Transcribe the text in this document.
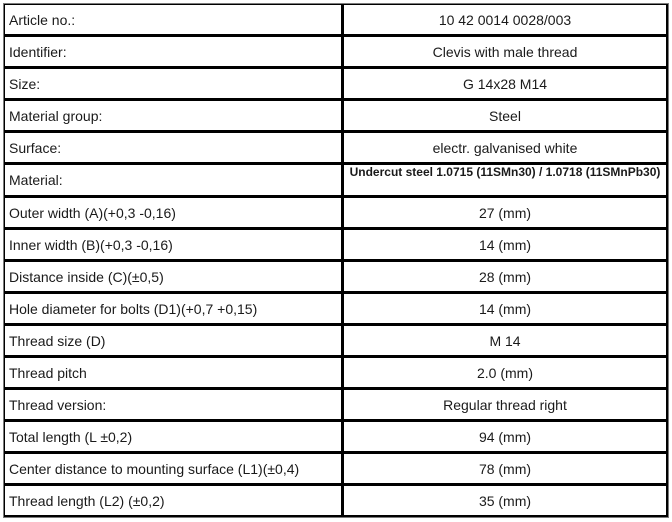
Article no.:	10 42 0014 0028/003
Identifier:	Clevis with male thread
Size:	G 14x28 M14
Material group:	Steel
Surface:	electr. galvanised white
Material:	Undercut steel 1.0715 (11SMn30) / 1.0718 (11SMnPb30)
Outer width (A)(+0,3 -0,16)	27 (mm)
Inner width (B)(+0,3 -0,16)	14 (mm)
Distance inside (C)(±0,5)	28 (mm)
Hole diameter for bolts (D1)(+0,7 +0,15)	14 (mm)
Thread size (D)	M 14
Thread pitch	2.0 (mm)
Thread version:	Regular thread right
Total length (L ±0,2)	94 (mm)
Center distance to mounting surface (L1)(±0,4)	78 (mm)
Thread length (L2) (±0,2)	35 (mm)
